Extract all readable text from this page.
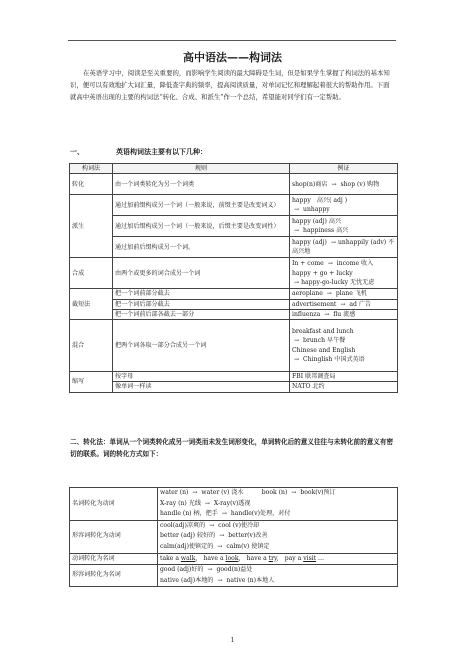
高中语法——构词法
在英语学习中，阅读是至关重要的，而影响学生阅读的最大障碍是生词，但是如果学生掌握了构词法的基本知识，便可以有效地扩大词汇量，降低查字典的频率，提高阅读质量，对单词记忆和理解起着很大的帮助作用。下面就高中英语出现的主要的构词法“转化、合成、和派生”作一个总结，希望能对同学们有一定帮助。
一、	英语构词法主要有以下几种：
构词法	规则	例证
转化	由一个词类转化为另一个词类	shop(n)商店 → shop (v) 购物
派生	通过加前缀构成另一个词（一般来说，前缀主要是改变词义）	happy　高兴( adj )
→ unhappy
	通过加后缀构成另一个词（一般来说，后缀主要是改变词性）	happy (adj) 高兴
→ happiness 高兴
	通过加前后缀构成另一个词。	happy (adj) → unhappily (adv) 不高兴地
合成	由两个或更多的词合成另一个词	In + come → income 收入
happy + go + lucky
→ happy-go-lucky 无忧无虑
截短法	把一个词前部分截去	aeroplane → plane 飞机
	把一个词后部分截去	advertisement → ad 广告
	把一个词前后部各截去一部分	influenza → flu 流感
混合	把两个词各取一部分合成另一个词	breakfast and lunch
→ brunch 早午餐
Chinese and English
→ Chinglish 中国式英语
缩写	按字母	FBI 联邦调查局
	像单词一样读	NATO 北约
二、转化法：单词从一个词类转化成另一词类而未发生词形变化，单词转化后的意义往往与未转化前的意义有密切的联系。词的转化方式如下：
名词转化为动词	water (n) → water (v) 浇水    book (n) → book(v)预订
X-ray (n) 光线 → X-ray(v)透视
handle (n) 柄，把手 → handle(v)处理，对付
形容词转化为动词	cool(adj)凉爽的 → cool (v)使冷却
better (adj) 较好的 → better(v)改善
calm(adj)使镇定的 → calm(v) 使镇定
动词转化为名词	take a walk,  have a look,  have a try,  pay a visit …
形容词转化为名词	good (adj)好的 → good(n)益处
native (adj)本地的 → native (n)本地人
1
